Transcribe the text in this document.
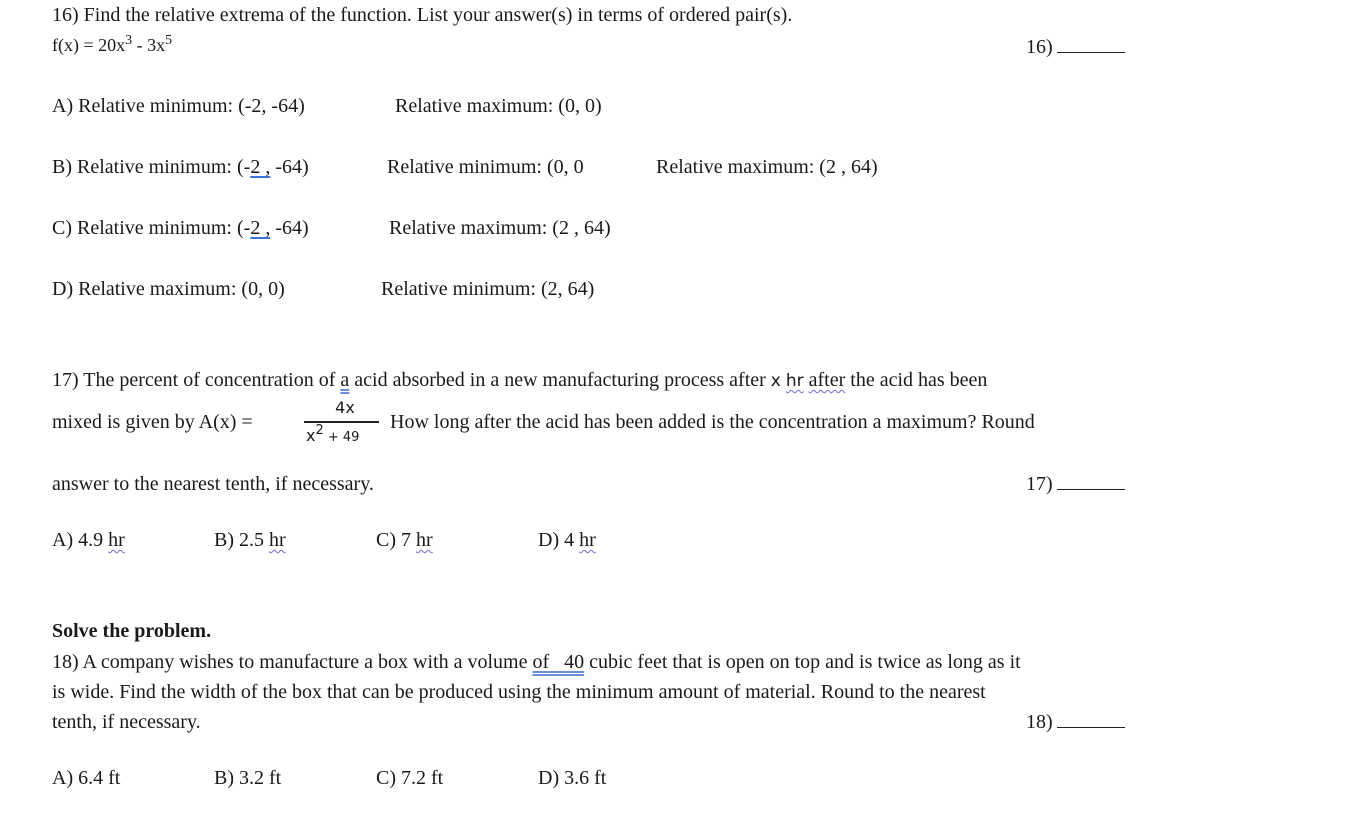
16) Find the relative extrema of the function. List your answer(s) in terms of ordered pair(s).
$f(x) = 20x^3 - 3x^5$	16)
A) Relative minimum: (-2, -64)	Relative maximum: (0, 0)
B) Relative minimum: (-2 , -64)	Relative minimum: (0, 0	Relative maximum: (2 , 64)
C) Relative minimum: (-2 , -64)	Relative maximum: (2 , 64)
D) Relative maximum: (0, 0)	Relative minimum: (2, 64)
17) The percent of concentration of a acid absorbed in a new manufacturing process after x hr after the acid has been
mixed is given by A(x) =
4x
$x^2 + 49$
How long after the acid has been added is the concentration a maximum? Round
answer to the nearest tenth, if necessary.	17)
A) 4.9 hr	B) 2.5 hr	C) 7 hr	D) 4 hr
Solve the problem.
18) A company wishes to manufacture a box with a volume of   40 cubic feet that is open on top and is twice as long as it
is wide. Find the width of the box that can be produced using the minimum amount of material. Round to the nearest
tenth, if necessary.	18)
A) 6.4 ft	B) 3.2 ft	C) 7.2 ft	D) 3.6 ft
